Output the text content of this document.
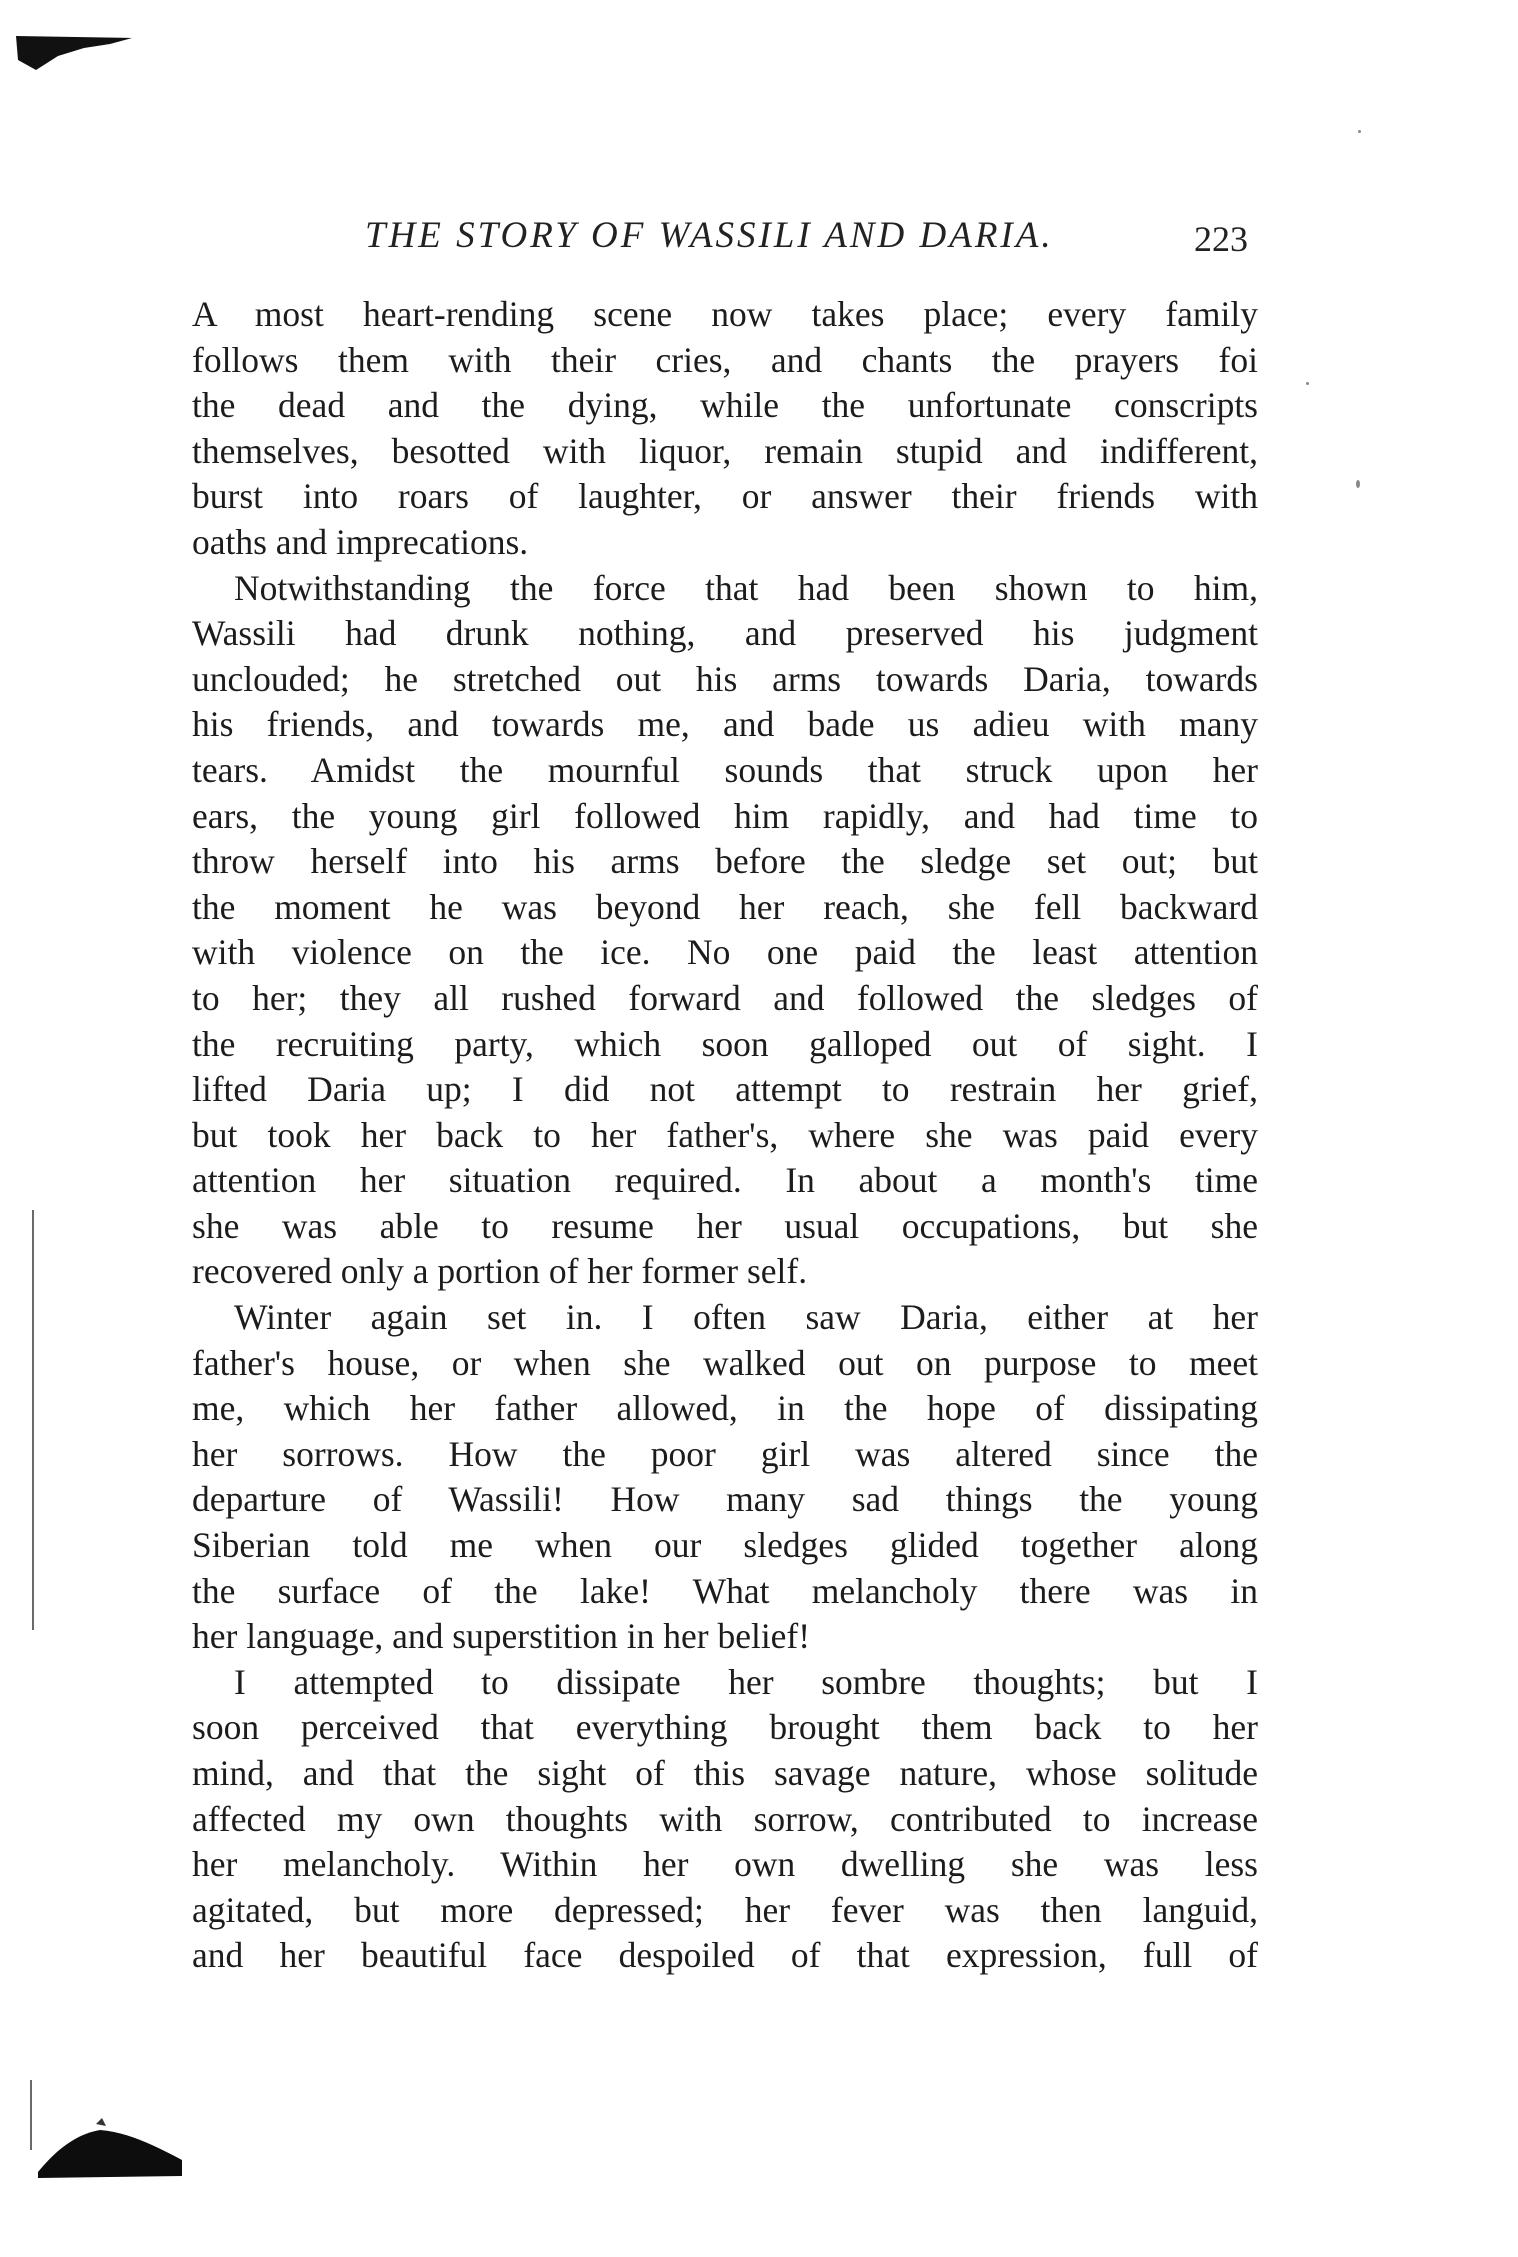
THE STORY OF WASSILI AND DARIA.	223
A most heart-rending scene now takes place; every family
follows them with their cries, and chants the prayers foi
the dead and the dying, while the unfortunate conscripts
themselves, besotted with liquor, remain stupid and indifferent,
burst into roars of laughter, or answer their friends with
oaths and imprecations.
Notwithstanding the force that had been shown to him,
Wassili had drunk nothing, and preserved his judgment
unclouded; he stretched out his arms towards Daria, towards
his friends, and towards me, and bade us adieu with many
tears. Amidst the mournful sounds that struck upon her
ears, the young girl followed him rapidly, and had time to
throw herself into his arms before the sledge set out; but
the moment he was beyond her reach, she fell backward
with violence on the ice. No one paid the least attention
to her; they all rushed forward and followed the sledges of
the recruiting party, which soon galloped out of sight. I
lifted Daria up; I did not attempt to restrain her grief,
but took her back to her father's, where she was paid every
attention her situation required. In about a month's time
she was able to resume her usual occupations, but she
recovered only a portion of her former self.
Winter again set in. I often saw Daria, either at her
father's house, or when she walked out on purpose to meet
me, which her father allowed, in the hope of dissipating
her sorrows. How the poor girl was altered since the
departure of Wassili! How many sad things the young
Siberian told me when our sledges glided together along
the surface of the lake! What melancholy there was in
her language, and superstition in her belief!
I attempted to dissipate her sombre thoughts; but I
soon perceived that everything brought them back to her
mind, and that the sight of this savage nature, whose solitude
affected my own thoughts with sorrow, contributed to increase
her melancholy. Within her own dwelling she was less
agitated, but more depressed; her fever was then languid,
and her beautiful face despoiled of that expression, full of
